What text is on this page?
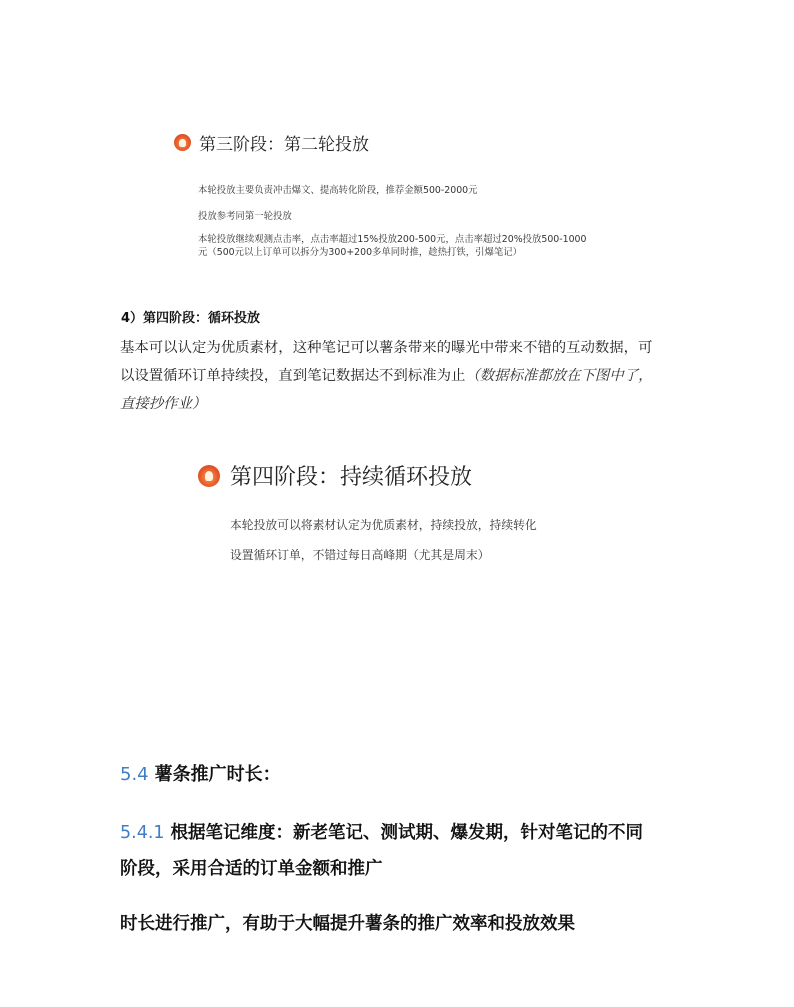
第三阶段：第二轮投放
本轮投放主要负责冲击爆文、提高转化阶段，推荐金额500-2000元
投放参考同第一轮投放
本轮投放继续观测点击率，点击率超过15%投放200-500元，点击率超过20%投放500-1000
元（500元以上订单可以拆分为300+200多单同时推，趁热打铁，引爆笔记）
4）第四阶段：循环投放
基本可以认定为优质素材，这种笔记可以薯条带来的曝光中带来不错的互动数据，可
以设置循环订单持续投，直到笔记数据达不到标准为止（数据标准都放在下图中了，
直接抄作业）
第四阶段：持续循环投放
本轮投放可以将素材认定为优质素材，持续投放，持续转化
设置循环订单，不错过每日高峰期（尤其是周末）
5.4 薯条推广时长：
5.4.1 根据笔记维度：新老笔记、测试期、爆发期，针对笔记的不同
阶段，采用合适的订单金额和推广
时长进行推广，有助于大幅提升薯条的推广效率和投放效果
